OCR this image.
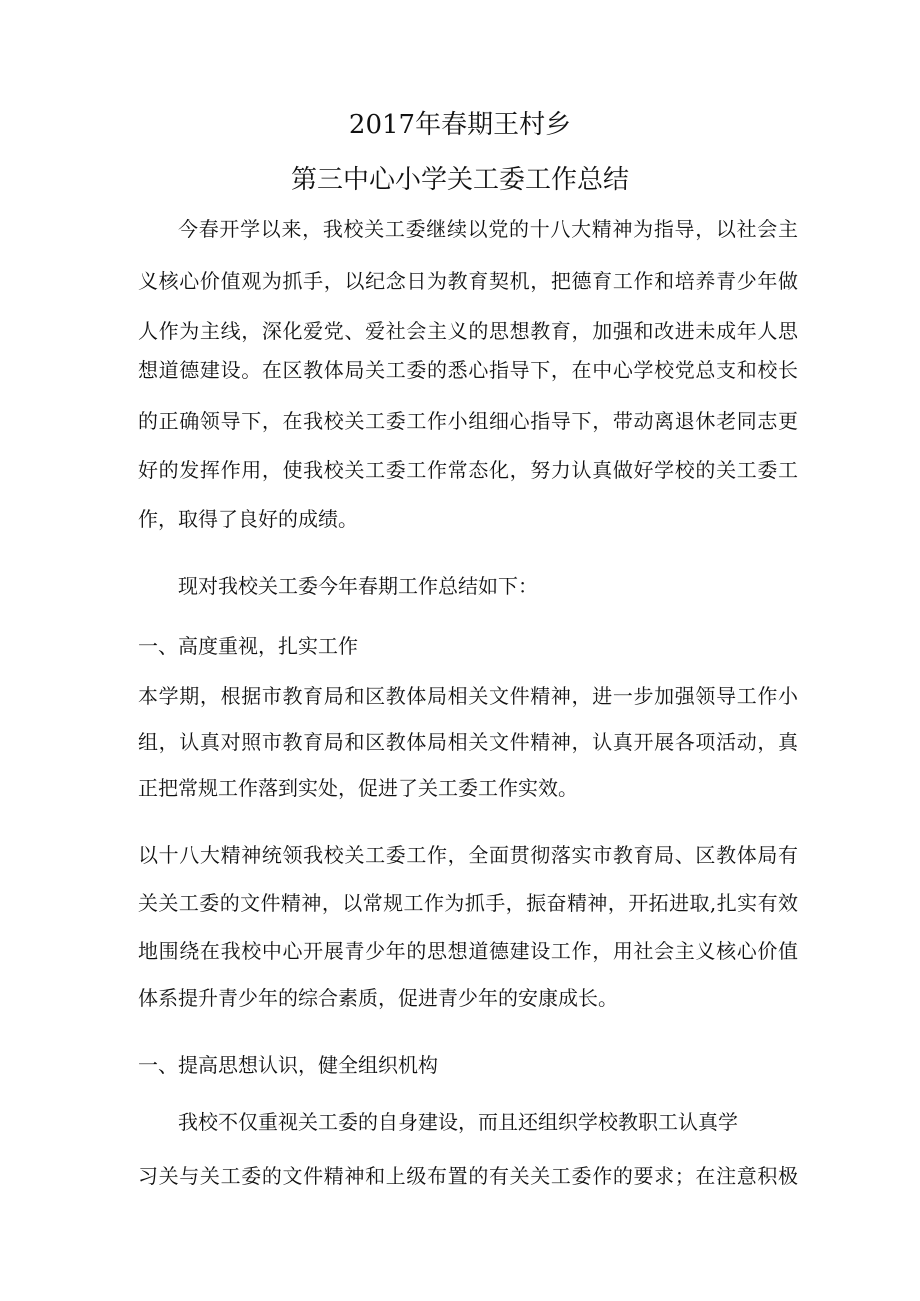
2017年春期王村乡
第三中心小学关工委工作总结
今春开学以来，我校关工委继续以党的十八大精神为指导，以社会主
义核心价值观为抓手，以纪念日为教育契机，把德育工作和培养青少年做
人作为主线，深化爱党、爱社会主义的思想教育，加强和改进未成年人思
想道德建设。在区教体局关工委的悉心指导下，在中心学校党总支和校长
的正确领导下，在我校关工委工作小组细心指导下，带动离退休老同志更
好的发挥作用，使我校关工委工作常态化，努力认真做好学校的关工委工
作，取得了良好的成绩。
现对我校关工委今年春期工作总结如下：
一、高度重视，扎实工作
本学期，根据市教育局和区教体局相关文件精神，进一步加强领导工作小
组，认真对照市教育局和区教体局相关文件精神，认真开展各项活动，真
正把常规工作落到实处，促进了关工委工作实效。
以十八大精神统领我校关工委工作，全面贯彻落实市教育局、区教体局有
关关工委的文件精神，以常规工作为抓手，振奋精神，开拓进取,扎实有效
地围绕在我校中心开展青少年的思想道德建设工作，用社会主义核心价值
体系提升青少年的综合素质，促进青少年的安康成长。
一、提高思想认识，健全组织机构
我校不仅重视关工委的自身建设，而且还组织学校教职工认真学
习关与关工委的文件精神和上级布置的有关关工委作的要求；在注意积极
